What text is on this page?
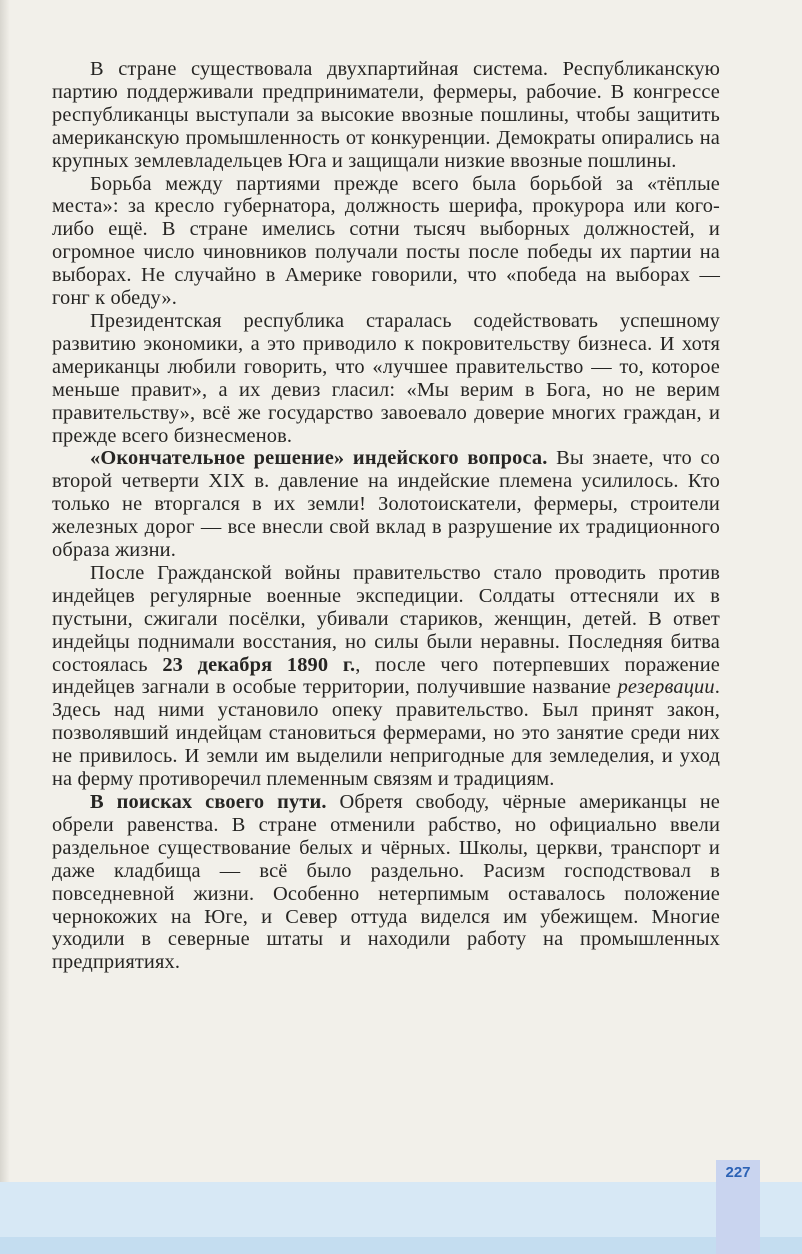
В стране существовала двухпартийная система. Республиканскую партию поддерживали предприниматели, фермеры, рабочие. В конгрессе республиканцы выступали за высокие ввозные пошлины, чтобы защитить американскую промышленность от конкуренции. Демократы опирались на крупных землевладельцев Юга и защищали низкие ввозные пошлины.

Борьба между партиями прежде всего была борьбой за «тёплые места»: за кресло губернатора, должность шерифа, прокурора или кого-либо ещё. В стране имелись сотни тысяч выборных должностей, и огромное число чиновников получали посты после победы их партии на выборах. Не случайно в Америке говорили, что «победа на выборах — гонг к обеду».

Президентская республика старалась содействовать успешному развитию экономики, а это приводило к покровительству бизнеса. И хотя американцы любили говорить, что «лучшее правительство — то, которое меньше правит», а их девиз гласил: «Мы верим в Бога, но не верим правительству», всё же государство завоевало доверие многих граждан, и прежде всего бизнесменов.

«Окончательное решение» индейского вопроса. Вы знаете, что со второй четверти XIX в. давление на индейские племена усилилось. Кто только не вторгался в их земли! Золотоискатели, фермеры, строители железных дорог — все внесли свой вклад в разрушение их традиционного образа жизни.

После Гражданской войны правительство стало проводить против индейцев регулярные военные экспедиции. Солдаты оттесняли их в пустыни, сжигали посёлки, убивали стариков, женщин, детей. В ответ индейцы поднимали восстания, но силы были неравны. Последняя битва состоялась 23 декабря 1890 г., после чего потерпевших поражение индейцев загнали в особые территории, получившие название резервации. Здесь над ними установило опеку правительство. Был принят закон, позволявший индейцам становиться фермерами, но это занятие среди них не привилось. И земли им выделили непригодные для земледелия, и уход на ферму противоречил племенным связям и традициям.

В поисках своего пути. Обретя свободу, чёрные американцы не обрели равенства. В стране отменили рабство, но официально ввели раздельное существование белых и чёрных. Школы, церкви, транспорт и даже кладбища — всё было раздельно. Расизм господствовал в повседневной жизни. Особенно нетерпимым оставалось положение чернокожих на Юге, и Север оттуда виделся им убежищем. Многие уходили в северные штаты и находили работу на промышленных предприятиях.

227
